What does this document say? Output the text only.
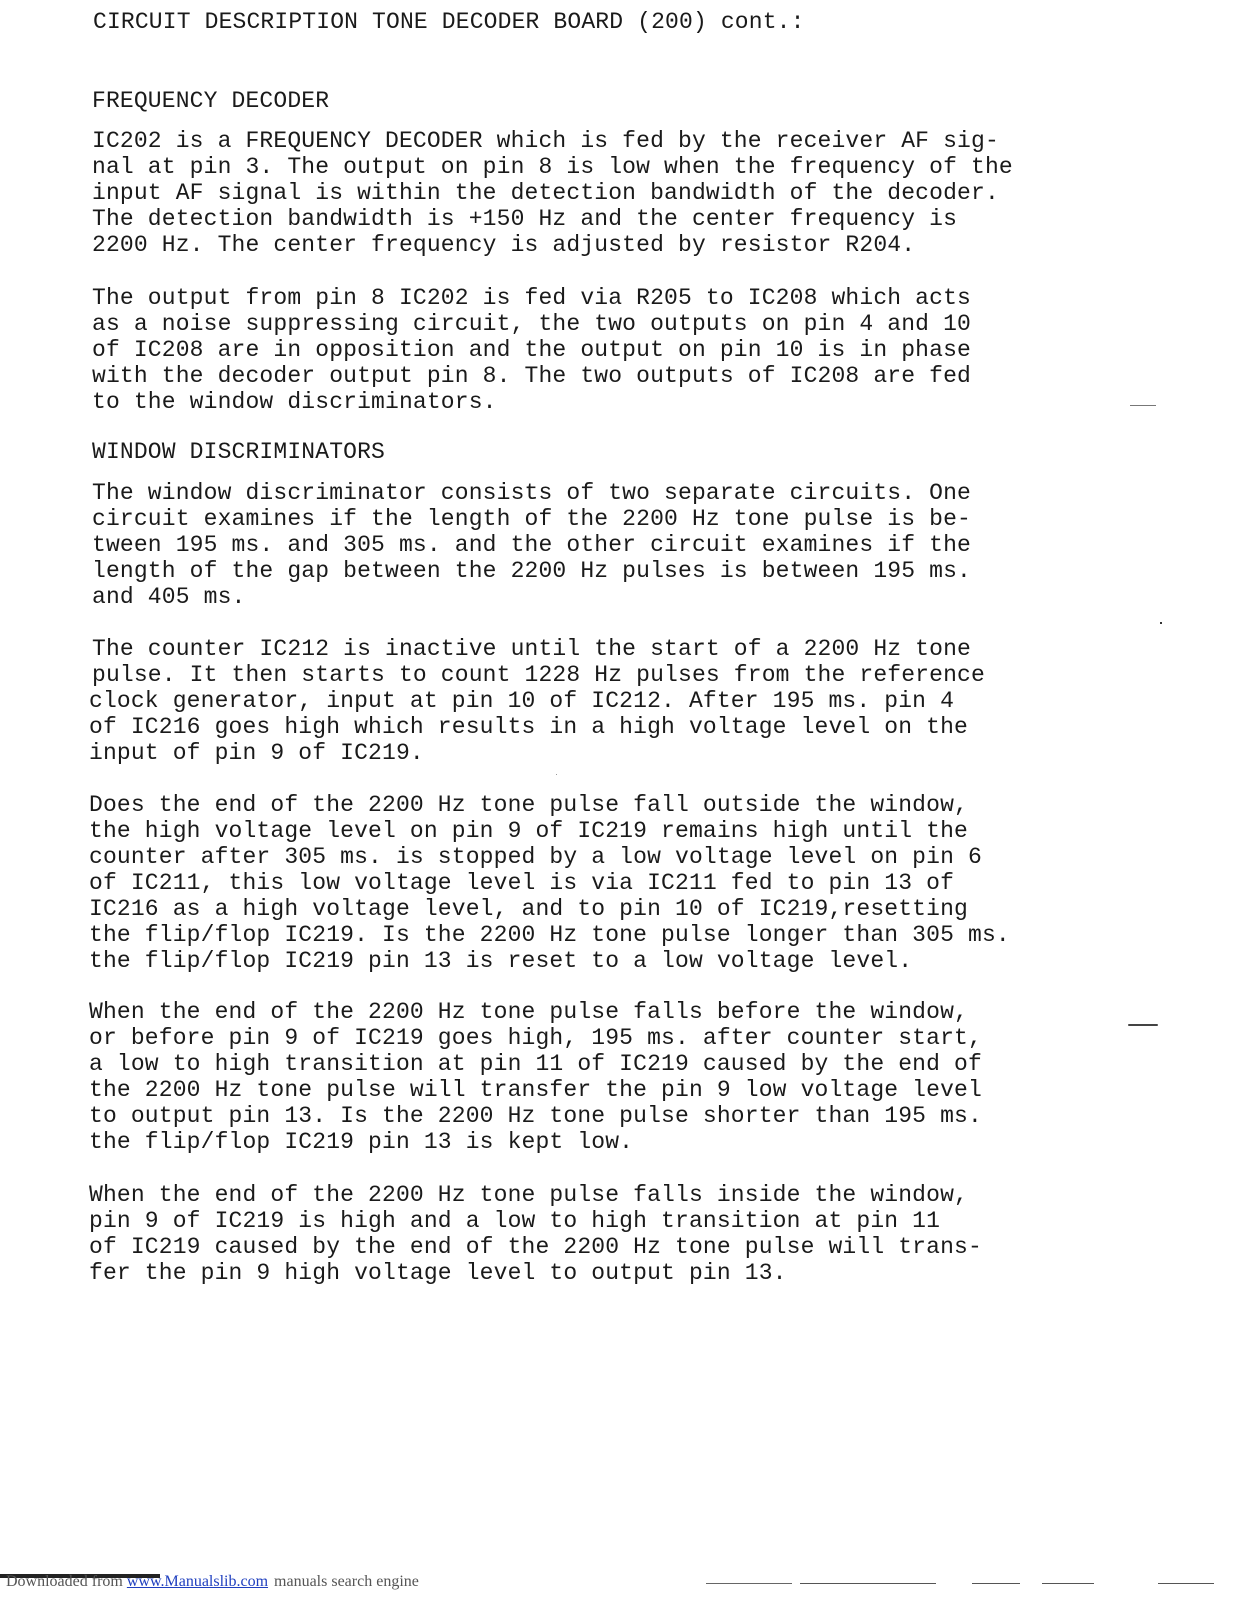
CIRCUIT DESCRIPTION TONE DECODER BOARD (200) cont.:
FREQUENCY DECODER
IC202 is a FREQUENCY DECODER which is fed by the receiver AF sig-
nal at pin 3. The output on pin 8 is low when the frequency of the
input AF signal is within the detection bandwidth of the decoder.
The detection bandwidth is +150 Hz and the center frequency is
2200 Hz. The center frequency is adjusted by resistor R204.
The output from pin 8 IC202 is fed via R205 to IC208 which acts
as a noise suppressing circuit, the two outputs on pin 4 and 10
of IC208 are in opposition and the output on pin 10 is in phase
with the decoder output pin 8. The two outputs of IC208 are fed
to the window discriminators.
WINDOW DISCRIMINATORS
The window discriminator consists of two separate circuits. One
circuit examines if the length of the 2200 Hz tone pulse is be-
tween 195 ms. and 305 ms. and the other circuit examines if the
length of the gap between the 2200 Hz pulses is between 195 ms.
and 405 ms.
The counter IC212 is inactive until the start of a 2200 Hz tone
pulse. It then starts to count 1228 Hz pulses from the reference
clock generator, input at pin 10 of IC212. After 195 ms. pin 4
of IC216 goes high which results in a high voltage level on the
input of pin 9 of IC219.
Does the end of the 2200 Hz tone pulse fall outside the window,
the high voltage level on pin 9 of IC219 remains high until the
counter after 305 ms. is stopped by a low voltage level on pin 6
of IC211, this low voltage level is via IC211 fed to pin 13 of
IC216 as a high voltage level, and to pin 10 of IC219,resetting
the flip/flop IC219. Is the 2200 Hz tone pulse longer than 305 ms.
the flip/flop IC219 pin 13 is reset to a low voltage level.
When the end of the 2200 Hz tone pulse falls before the window,
or before pin 9 of IC219 goes high, 195 ms. after counter start,
a low to high transition at pin 11 of IC219 caused by the end of
the 2200 Hz tone pulse will transfer the pin 9 low voltage level
to output pin 13. Is the 2200 Hz tone pulse shorter than 195 ms.
the flip/flop IC219 pin 13 is kept low.
When the end of the 2200 Hz tone pulse falls inside the window,
pin 9 of IC219 is high and a low to high transition at pin 11
of IC219 caused by the end of the 2200 Hz tone pulse will trans-
fer the pin 9 high voltage level to output pin 13.
Downloaded from www.Manualslib.com manuals search engine
